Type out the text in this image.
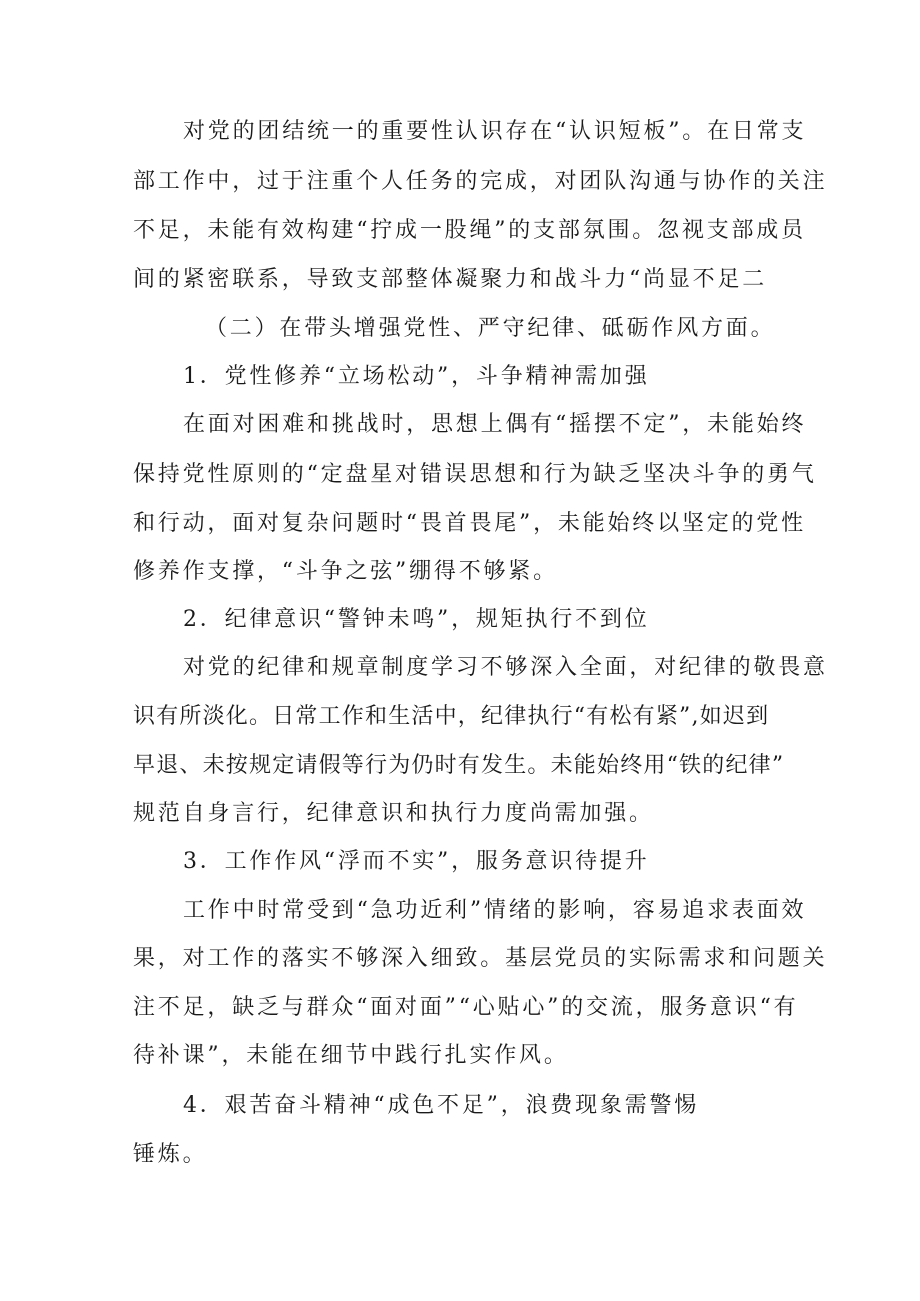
对党的团结统一的重要性认识存在“认识短板”。在日常支
部工作中，过于注重个人任务的完成，对团队沟通与协作的关注
不足，未能有效构建“拧成一股绳”的支部氛围。忽视支部成员
间的紧密联系，导致支部整体凝聚力和战斗力“尚显不足二
（二）在带头增强党性、严守纪律、砥砺作风方面。
1．党性修养“立场松动”，斗争精神需加强
在面对困难和挑战时，思想上偶有“摇摆不定”，未能始终
保持党性原则的“定盘星对错误思想和行为缺乏坚决斗争的勇气
和行动，面对复杂问题时“畏首畏尾”，未能始终以坚定的党性
修养作支撑，“斗争之弦”绷得不够紧。
2．纪律意识“警钟未鸣”，规矩执行不到位
对党的纪律和规章制度学习不够深入全面，对纪律的敬畏意
识有所淡化。日常工作和生活中，纪律执行“有松有紧”,如迟到
早退、未按规定请假等行为仍时有发生。未能始终用“铁的纪律”
规范自身言行，纪律意识和执行力度尚需加强。
3．工作作风“浮而不实”，服务意识待提升
工作中时常受到“急功近利”情绪的影响，容易追求表面效
果，对工作的落实不够深入细致。基层党员的实际需求和问题关
注不足，缺乏与群众“面对面”“心贴心”的交流，服务意识“有
待补课”，未能在细节中践行扎实作风。
4．艰苦奋斗精神“成色不足”，浪费现象需警惕
锤炼。
